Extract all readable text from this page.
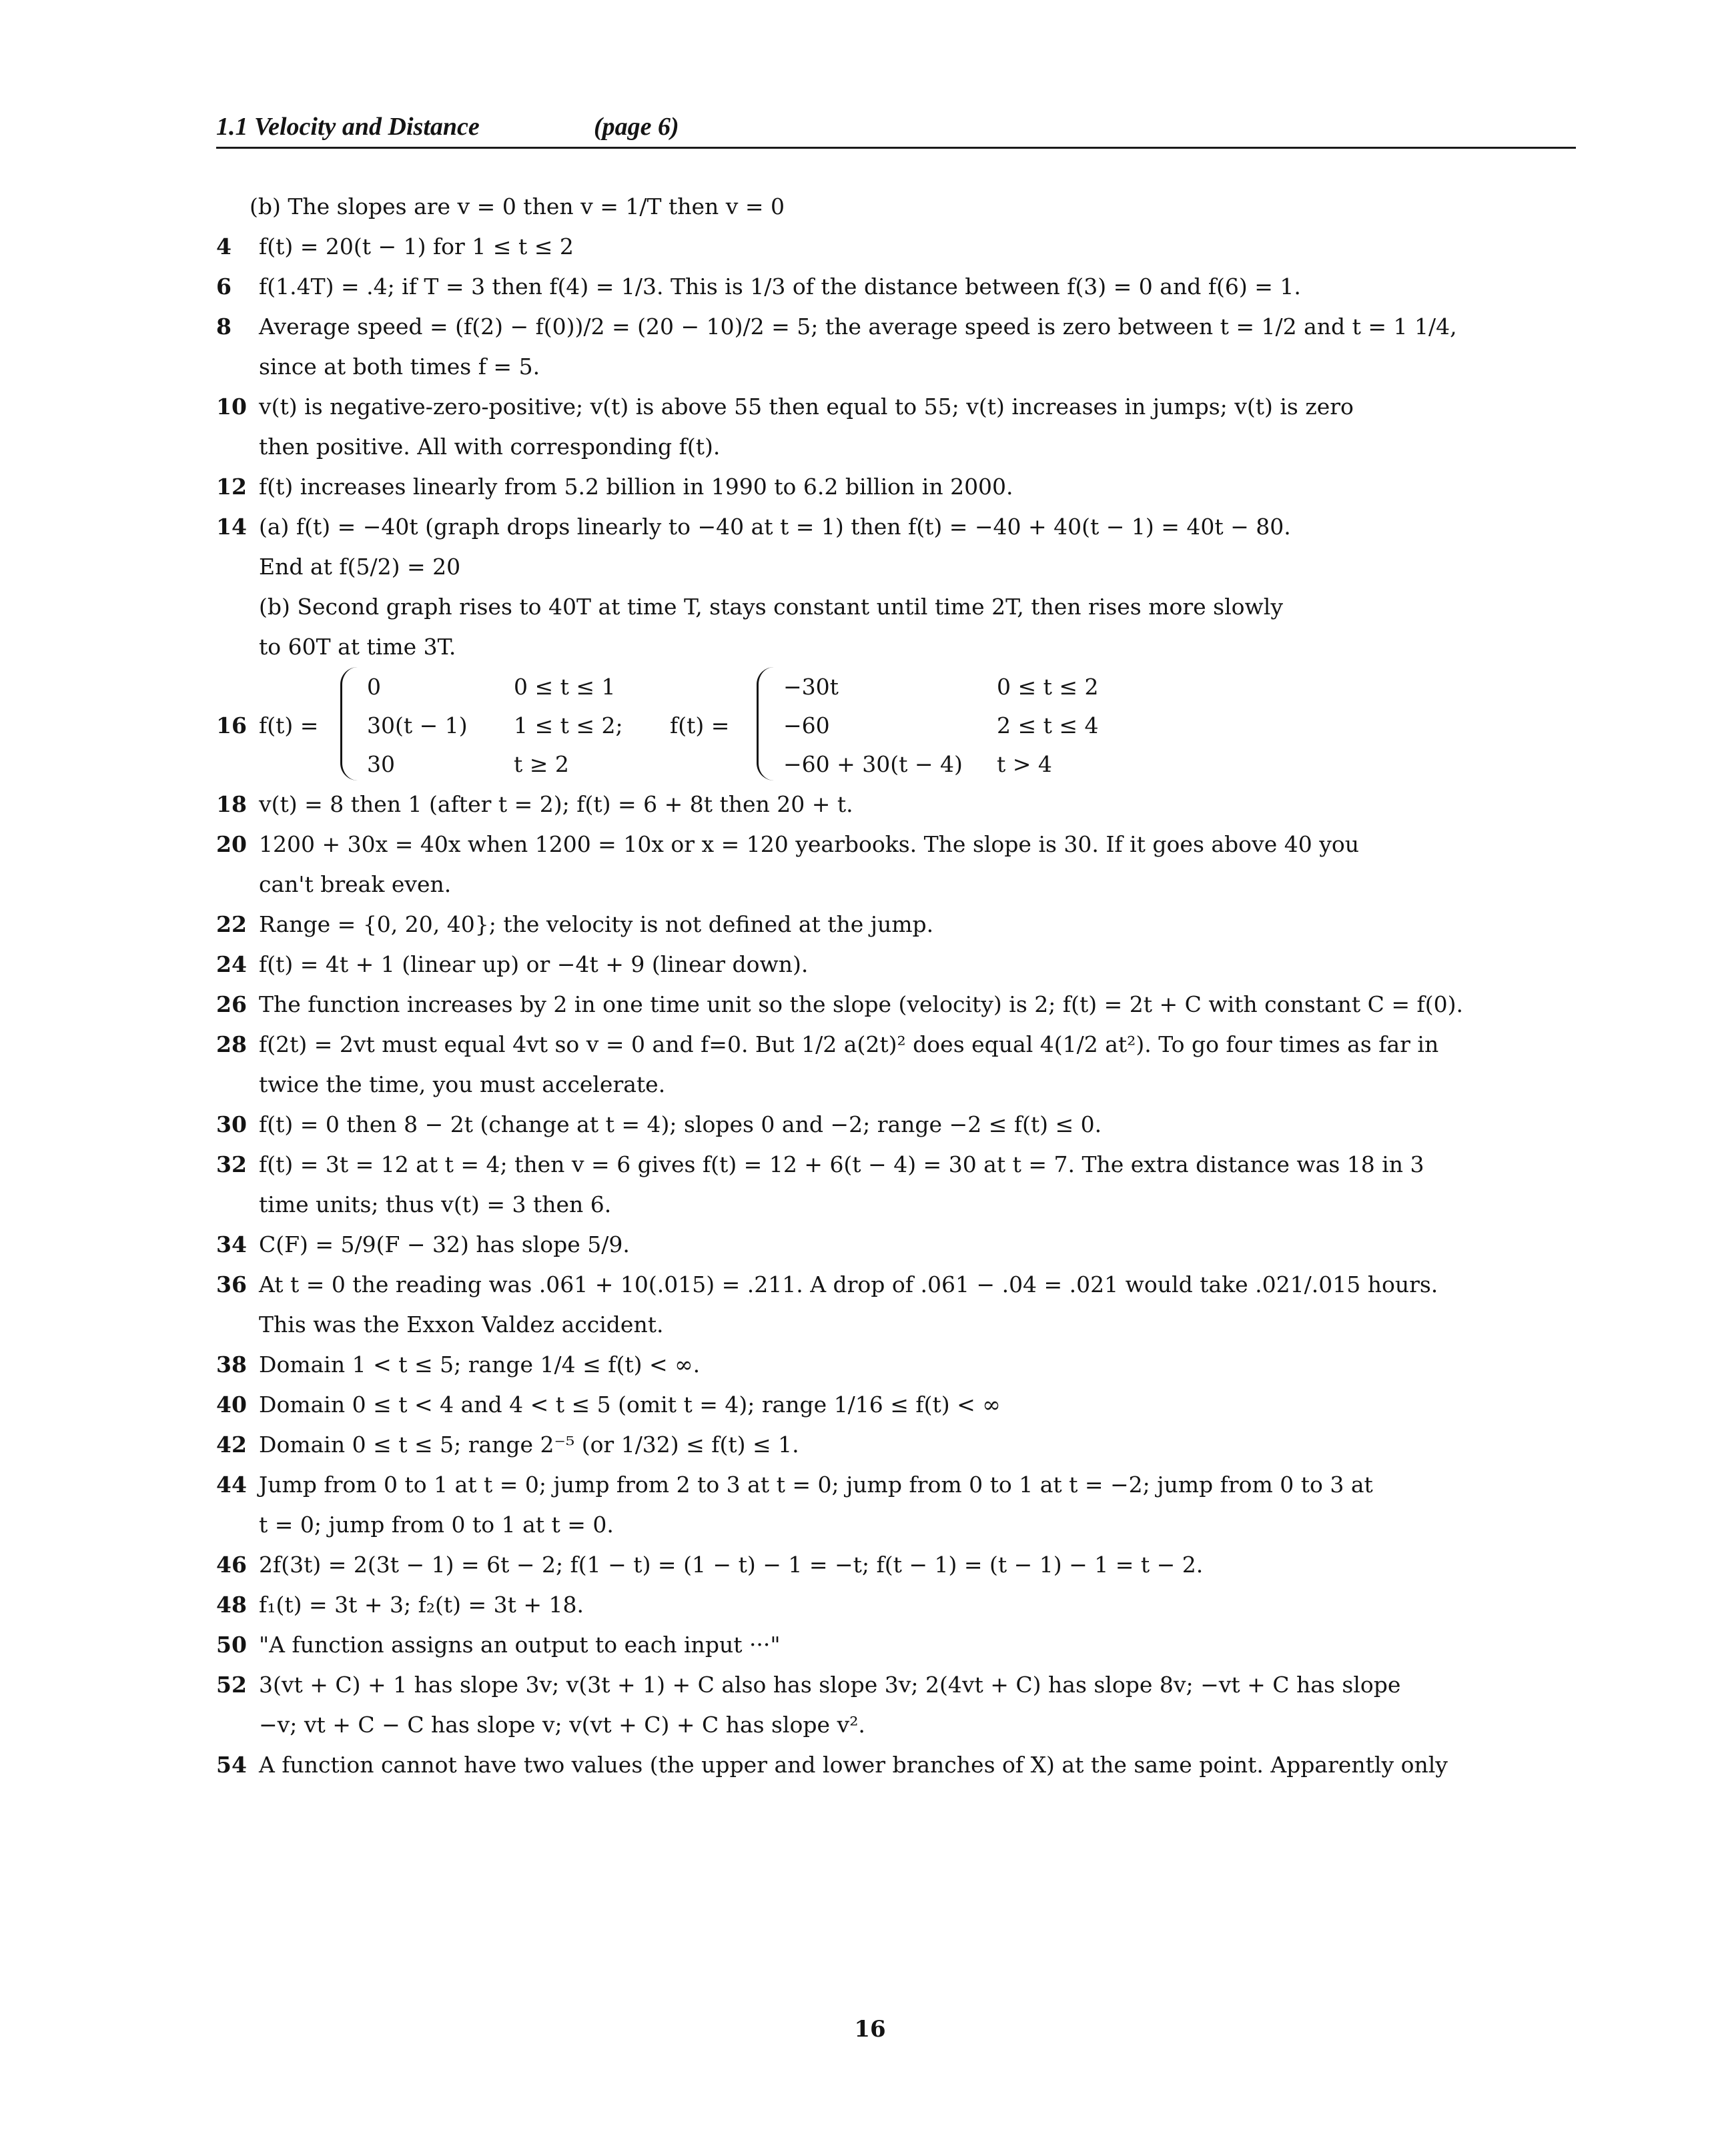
1.1 Velocity and Distance	(page 6)
(b) The slopes are v = 0 then v = 1/T then v = 0
4 f(t) = 20(t − 1) for 1 ≤ t ≤ 2
6 f(1.4T) = .4; if T = 3 then f(4) = 1/3. This is 1/3 of the distance between f(3) = 0 and f(6) = 1.
8 Average speed = (f(2) − f(0))/2 = (20 − 10)/2 = 5; the average speed is zero between t = 1/2 and t = 1 1/4,
since at both times f = 5.
10 v(t) is negative-zero-positive; v(t) is above 55 then equal to 55; v(t) increases in jumps; v(t) is zero
then positive. All with corresponding f(t).
12 f(t) increases linearly from 5.2 billion in 1990 to 6.2 billion in 2000.
14 (a) f(t) = −40t (graph drops linearly to −40 at t = 1) then f(t) = −40 + 40(t − 1) = 40t − 80.
End at f(5/2) = 20
(b) Second graph rises to 40T at time T, stays constant until time 2T, then rises more slowly
to 60T at time 3T.
16 f(t) =
0
30(t − 1)
30
0 ≤ t ≤ 1
1 ≤ t ≤ 2;
t ≥ 2
f(t) =
−30t
−60
−60 + 30(t − 4)
0 ≤ t ≤ 2
2 ≤ t ≤ 4
t > 4
18 v(t) = 8 then 1 (after t = 2); f(t) = 6 + 8t then 20 + t.
20 1200 + 30x = 40x when 1200 = 10x or x = 120 yearbooks. The slope is 30. If it goes above 40 you
can't break even.
22 Range = {0, 20, 40}; the velocity is not defined at the jump.
24 f(t) = 4t + 1 (linear up) or −4t + 9 (linear down).
26 The function increases by 2 in one time unit so the slope (velocity) is 2; f(t) = 2t + C with constant C = f(0).
28 f(2t) = 2vt must equal 4vt so v = 0 and f=0. But 1/2 a(2t)² does equal 4(1/2 at²). To go four times as far in
twice the time, you must accelerate.
30 f(t) = 0 then 8 − 2t (change at t = 4); slopes 0 and −2; range −2 ≤ f(t) ≤ 0.
32 f(t) = 3t = 12 at t = 4; then v = 6 gives f(t) = 12 + 6(t − 4) = 30 at t = 7. The extra distance was 18 in 3
time units; thus v(t) = 3 then 6.
34 C(F) = 5/9(F − 32) has slope 5/9.
36 At t = 0 the reading was .061 + 10(.015) = .211. A drop of .061 − .04 = .021 would take .021/.015 hours.
This was the Exxon Valdez accident.
38 Domain 1 < t ≤ 5; range 1/4 ≤ f(t) < ∞.
40 Domain 0 ≤ t < 4 and 4 < t ≤ 5 (omit t = 4); range 1/16 ≤ f(t) < ∞
42 Domain 0 ≤ t ≤ 5; range 2⁻⁵ (or 1/32) ≤ f(t) ≤ 1.
44 Jump from 0 to 1 at t = 0; jump from 2 to 3 at t = 0; jump from 0 to 1 at t = −2; jump from 0 to 3 at
t = 0; jump from 0 to 1 at t = 0.
46 2f(3t) = 2(3t − 1) = 6t − 2; f(1 − t) = (1 − t) − 1 = −t; f(t − 1) = (t − 1) − 1 = t − 2.
48 f₁(t) = 3t + 3; f₂(t) = 3t + 18.
50 "A function assigns an output to each input ···"
52 3(vt + C) + 1 has slope 3v; v(3t + 1) + C also has slope 3v; 2(4vt + C) has slope 8v; −vt + C has slope
−v; vt + C − C has slope v; v(vt + C) + C has slope v².
54 A function cannot have two values (the upper and lower branches of X) at the same point. Apparently only
16
